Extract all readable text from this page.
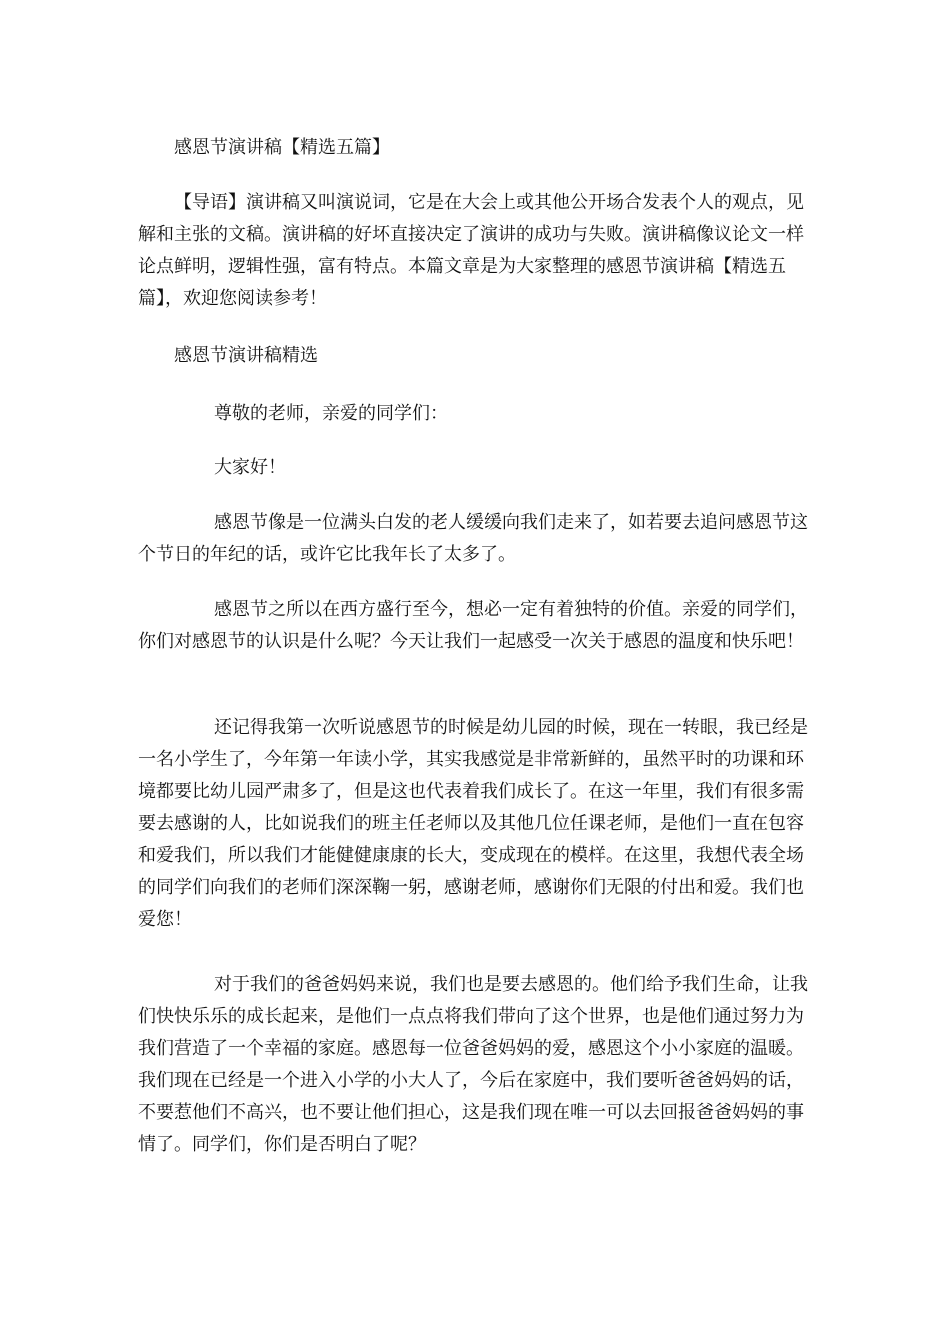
感恩节演讲稿【精选五篇】

【导语】演讲稿又叫演说词，它是在大会上或其他公开场合发表个人的观点，见解和主张的文稿。演讲稿的好坏直接决定了演讲的成功与失败。演讲稿像议论文一样论点鲜明，逻辑性强，富有特点。本篇文章是为大家整理的感恩节演讲稿【精选五篇】，欢迎您阅读参考！

感恩节演讲稿精选

尊敬的老师，亲爱的同学们：

大家好！

感恩节像是一位满头白发的老人缓缓向我们走来了，如若要去追问感恩节这个节日的年纪的话，或许它比我年长了太多了。

感恩节之所以在西方盛行至今，想必一定有着独特的价值。亲爱的同学们，你们对感恩节的认识是什么呢？今天让我们一起感受一次关于感恩的温度和快乐吧！

还记得我第一次听说感恩节的时候是幼儿园的时候，现在一转眼，我已经是一名小学生了，今年第一年读小学，其实我感觉是非常新鲜的，虽然平时的功课和环境都要比幼儿园严肃多了，但是这也代表着我们成长了。在这一年里，我们有很多需要去感谢的人，比如说我们的班主任老师以及其他几位任课老师，是他们一直在包容和爱我们，所以我们才能健健康康的长大，变成现在的模样。在这里，我想代表全场的同学们向我们的老师们深深鞠一躬，感谢老师，感谢你们无限的付出和爱。我们也爱您！

对于我们的爸爸妈妈来说，我们也是要去感恩的。他们给予我们生命，让我们快快乐乐的成长起来，是他们一点点将我们带向了这个世界，也是他们通过努力为我们营造了一个幸福的家庭。感恩每一位爸爸妈妈的爱，感恩这个小小家庭的温暖。我们现在已经是一个进入小学的小大人了，今后在家庭中，我们要听爸爸妈妈的话，不要惹他们不高兴，也不要让他们担心，这是我们现在唯一可以去回报爸爸妈妈的事情了。同学们，你们是否明白了呢？
